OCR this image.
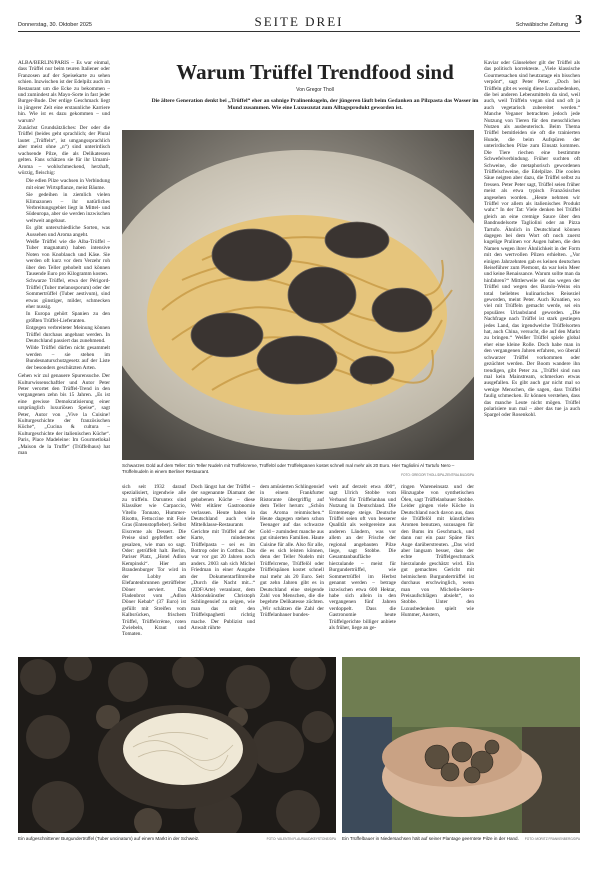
Donnerstag, 30. Oktober 2025	SEITE DREI	Schwäbische Zeitung 3
Warum Trüffel Trendfood sind
Von Gregor Tholl
Die ältere Generation denkt bei „Trüffel“ eher an sahnige Pralinenkugeln, der jüngeren läuft beim Gedanken an Pilzpasta das Wasser im Mund zusammen. Wie eine Luxuszutat zum Alltagsprodukt geworden ist.

ALBA/BERLIN/PARIS – Es war einmal, dass Trüffel nur beim teuren Italiener oder Franzosen auf der Speisekarte zu sehen schien. Inzwischen ist der Edelpilz auch im Restaurant um die Ecke zu bekommen – und zumindest als Mayo-Sorte in fast jeder Burger-Bude. Der erdige Geschmack liegt in jüngerer Zeit eine erstaunliche Karriere hin. Wie ist es dazu gekommen – und warum?

Zunächst Grundsätzliches: Der oder die Trüffel (beides geht sprachlich; der Plural lautet „Trüffeln“, ist umgangssprachlich aber meist ohne „n“) sind unterirdisch wachsende Pilze, die als Delikatessen gelten. Fans schätzen sie für ihr Umami-Aroma – wohlschmeckend, herzhaft, würzig, fleischig:

• Die edlen Pilze wachsen in Verbindung mit einer Wirtspflanze, meist Bäume.
• Sie gedeihen in ziemlich vielen Klimazonen – ihr natürliches Verbreitungsgebiet liegt in Mittel- und Südeuropa, aber sie werden inzwischen weltweit angebaut.
• Es gibt unterschiedliche Sorten, was Aussehen und Aroma angeht.
• Weiße Trüffel wie die Alba-Trüffel – Tuber magnatum) haben intensive Noten von Knoblauch und Käse. Sie werden oft kurz vor dem Verzehr roh über den Teller gehobelt und können Tausende Euro pro Kilogramm kosten.
• Schwarze Trüffel, etwa der Périgord-Trüffel (Tuber melanosporum) oder der Sommertrüffel (Tuber aestivum), sind etwas günstiger, milder, schmecken eher nussig.
• In Europa gehört Spanien zu den größten Trüffel-Lieferanten.
• Entgegen verbreiteter Meinung können Trüffel durchaus angebaut werden. In Deutschland passiert das zunehmend.
• Wilde Trüffel dürfen nicht gesammelt werden – sie stehen im Bundesnaturschutzgesetz auf der Liste der besonders geschützten Arten.

Gehen wir zul genauere Spurensuche. Der Kulturwissenschaftler und Autor Peter Peter verortet den Trüffel-Trend in den vergangenen zehn bis 15 Jahren. „Es ist eine gewisse Demokratisierung einer ursprünglich luxuriösen Speise“, sagt Peter, Autor von „Vive la Cuisine! Kulturgeschichte der französischen Küche“, „Cucina & cultura – Kulturgeschichte der italienischen Küche“. Paris, Place Madeleine: Im Gourmetlokal „Maison de la Truffe“ (Trüffelhaus) hat man

Schwarzes Gold auf dem Teller: Ein Teller Nudeln mit Trüffelcreme, Trüffelöl oder Trüffelspänen kostet schnell mal mehr als 20 Euro. Hier Tagliolini Al Tartufo Nero – Trüffelnudeln in einem Berliner Restaurant.
FOTO: GREGOR THOLL/DPA-ZENTRALBILD/DPA

Kaviar oder Gänseleber gilt der Trüffel als das politisch korrekteste. „Viele klassische Gourmetsachen sind heutzutage ein bisschen verpönt“, sagt Peter Peter. „Doch bei Trüffeln gibt es wenig diese Luxusbedenken, die bei anderen Lebensmitteln da sind, weil auch, weil Trüffeln vegan sind und oft ja auch vegetarisch zubereitet werden.“ Manche Veganer betrachten jedoch jede Nutzung von Tieren für den menschlichen Nutzen als ausbeuterisch. Beim Thema Trüffel bemitleiden sie oft die trainierten Hunde, die beim Aufspüren der unterirdischen Pilze zum Einsatz kommen. Die Tiere riechen eine bestimmte Schwefelverbindung. Früher suchten oft Schweine, die metaphorisch gewordenen Trüffelschweine, die Edelpilze. Die coolen Säue neigten aber dazu, die Trüffel selbst zu fressen. Peter Peter sagt, Trüffel seien früher meist als etwa typisch Französisches angesehen worden. „Heute nehmen wir Trüffel vor allem als italienisches Produkt wahr.“ In der Tat: Viele denken bei Trüffel gleich an eine cremige Sauce über den Bandnudelsorte Tagliolini oder an Pizza Tartufo. Ähnlich in Deutschland können dagegen bei dem Wort oft noch zuerst kugelige Pralinen vor Augen haben, die den Namen wegen ihrer Ähnlichkeit in der Form mit den wertvollen Pilzen erhielten. „Vor einigen Jahrzehnten gab es keinen deutschen Reiseführer zum Piemont, da war kein Meer und keine Renaissance. Warum sollte man da hinfahren?“ Mittlerweile sei das wegen der Trüffel und wegen des Barolo-Weins ein total beliebtes kulinarisches Reiseziel geworden, meint Peter. Auch Kroatien, wo viel mit Trüffeln gemacht werde, sei ein populäres Urlaubsland geworden. „Die Nachfrage nach Trüffel ist stark gestiegen jedes Land, das irgendwelche Trüffelsorten hat, auch China, versucht, die auf den Markt zu bringen.“ Weißer Trüffel spiele global eher eine kleine Rolle. Doch habe man in den vergangenen Jahren erfahren, wo überall schwarzer Trüffel vorkommen oder gezüchtet werden. Der Boom wandere ihn trendigen, gibt Peter zu. „Trüffel sind nun mal kein Mainstream, schmecken etwas ausgefallen. Es gibt auch gar nicht mal so wenige Menschen, die sagen, dass Trüffel faulig schmecken. Er können verstehen, dass das manche Leute nicht mögen. Trüffel polarisiere nun mal – aber das tue ja auch Spargel oder Rosenkohl.

sich seit 1932 darauf spezialisiert, irgendwie alle zu trüffeln. Daruntex sind Klassiker wie Carpaccio, Vitello Tonnato, Hummer-Risotto, Fettuccine mit Foie Gras (Entenstopfleber). Selbst Eiscreme als Dessert. Die Preise sind gepfeffert oder gesalzen, wie man so sagt. Oder: getrüffelt halt. Berlin, Pariser Platz, „Hotel Adlon Kempinski“. Hier am Brandenburger Tor wird in der Lobby am Elefantenbrunnen getrüffelter Döner serviert. Das Fladenbrot vom „Adlon Döner Kebab“ (37 Euro) ist gefüllt mit Streifen vom Kalbsrücken, frischem Trüffel, Trüffelcrème, roten Zwiebeln, Kraut und Tomaten.

Doch längst hat der Trüffel – der sogenannte Diamant der gehobenen Küche – diese Welt elitärer Gastronomie verlassen. Heute haben in Deutschland auch viele Mittelklasse-Restaurants Gerichte mit Trüffel auf der Karte, mindestens Trüffelpasta – sei es im Bottrop oder in Cottbus. Das war vor gut 20 Jahren noch anders. 2003 sah sich Michel Friedman in einer Ausgabe der Dokumentarfilmreihe „Durch die Nacht mit...“ (ZDF/Arte) veranlasst, dem Aktionskünstler Christoph Schlingensief zu zeigen, wie man das mit den Trüffelspaghetti richtig mache. Der Publizist und Anwalt rührte

dem amüsierten Schlingensief in einem Frankfurter Ristorante übergriffig auf dem Teller herum: „Schön das Aroma reinmischen.“ Heute dagegen stehen schon Teenager auf das schwarze Gold – zumindest manche aus gut situierten Familien. Haute Cuisine für alle. Also für alle, die es sich leisten können, denn der Teller Nudeln mit Trüffelcreme, Trüffelöl oder Trüffelspänen kostet schnell mal mehr als 20 Euro. Seit gut zehn Jahren gibt es in Deutschland eine steigende Zahl von Menschen, die die begehrte Delikatesse züchten. „Wir schätzen die Zahl der Trüffelanbauer bundes-

weit auf derzeit etwa 400“, sagt Ulrich Stobbe vom Verband für Trüffelanbau und Nutzung in Deutschland. Die Erntemenge steige. Deutsche Trüffel seien oft von besserer Qualität als weitgereiste aus anderen Ländern, was vor allem an der Frische der regional angebauten Pilze liege, sagt Stobbe. Die Gesamtanbaufläche hierzulande – meist für Burgundertrüffel, wie Sommertrüffel im Herbst genannt werden – betrage inzwischen etwa 600 Hektar, habe sich allein in den vergangenen fünf Jahren verdoppelt. Dass die Gastronomie heute Trüffelgerichte billiger anbiete als früher, liege an ge-

ringen Wareneinsatz und der Hinzugabe von synthetischen Ölen, sagt Trüffelanbauer Stobbe. Leider gingen viele Köche in Deutschland noch davon aus, dass sie Trüffelöl mit künstlichen Aromen benutzen, sozusagen für den Bums im Geschmack, und dann nur ein paar Späne fürs Auge darüberstreuten. „Das wird aber langsam besser, dass der echte Trüffelgeschmack hierzulande geschätzt wird. Ein gut gemachtes Gericht mit heimischem Burgundertrüffel ist durchaus erschwinglich, wenn man von Michelin-Stern-Preisaufschlägen absieht“, so Stobbe. Unter den Luxusbedenken spielt wie Hummer, Austern,

Ein aufgeschnittener Burgundertrüffel (Tuber uncinatum) auf einem Markt in der Schweiz.	FOTO: VALENTIN FLAURAUD/KEYSTONE/DPA Ein Trüffelbauer in Niedersachsen hält auf seiner Plantage geerntete Pilze in der Hand.	FOTO: MORITZ FRANKENBERG/DPA
